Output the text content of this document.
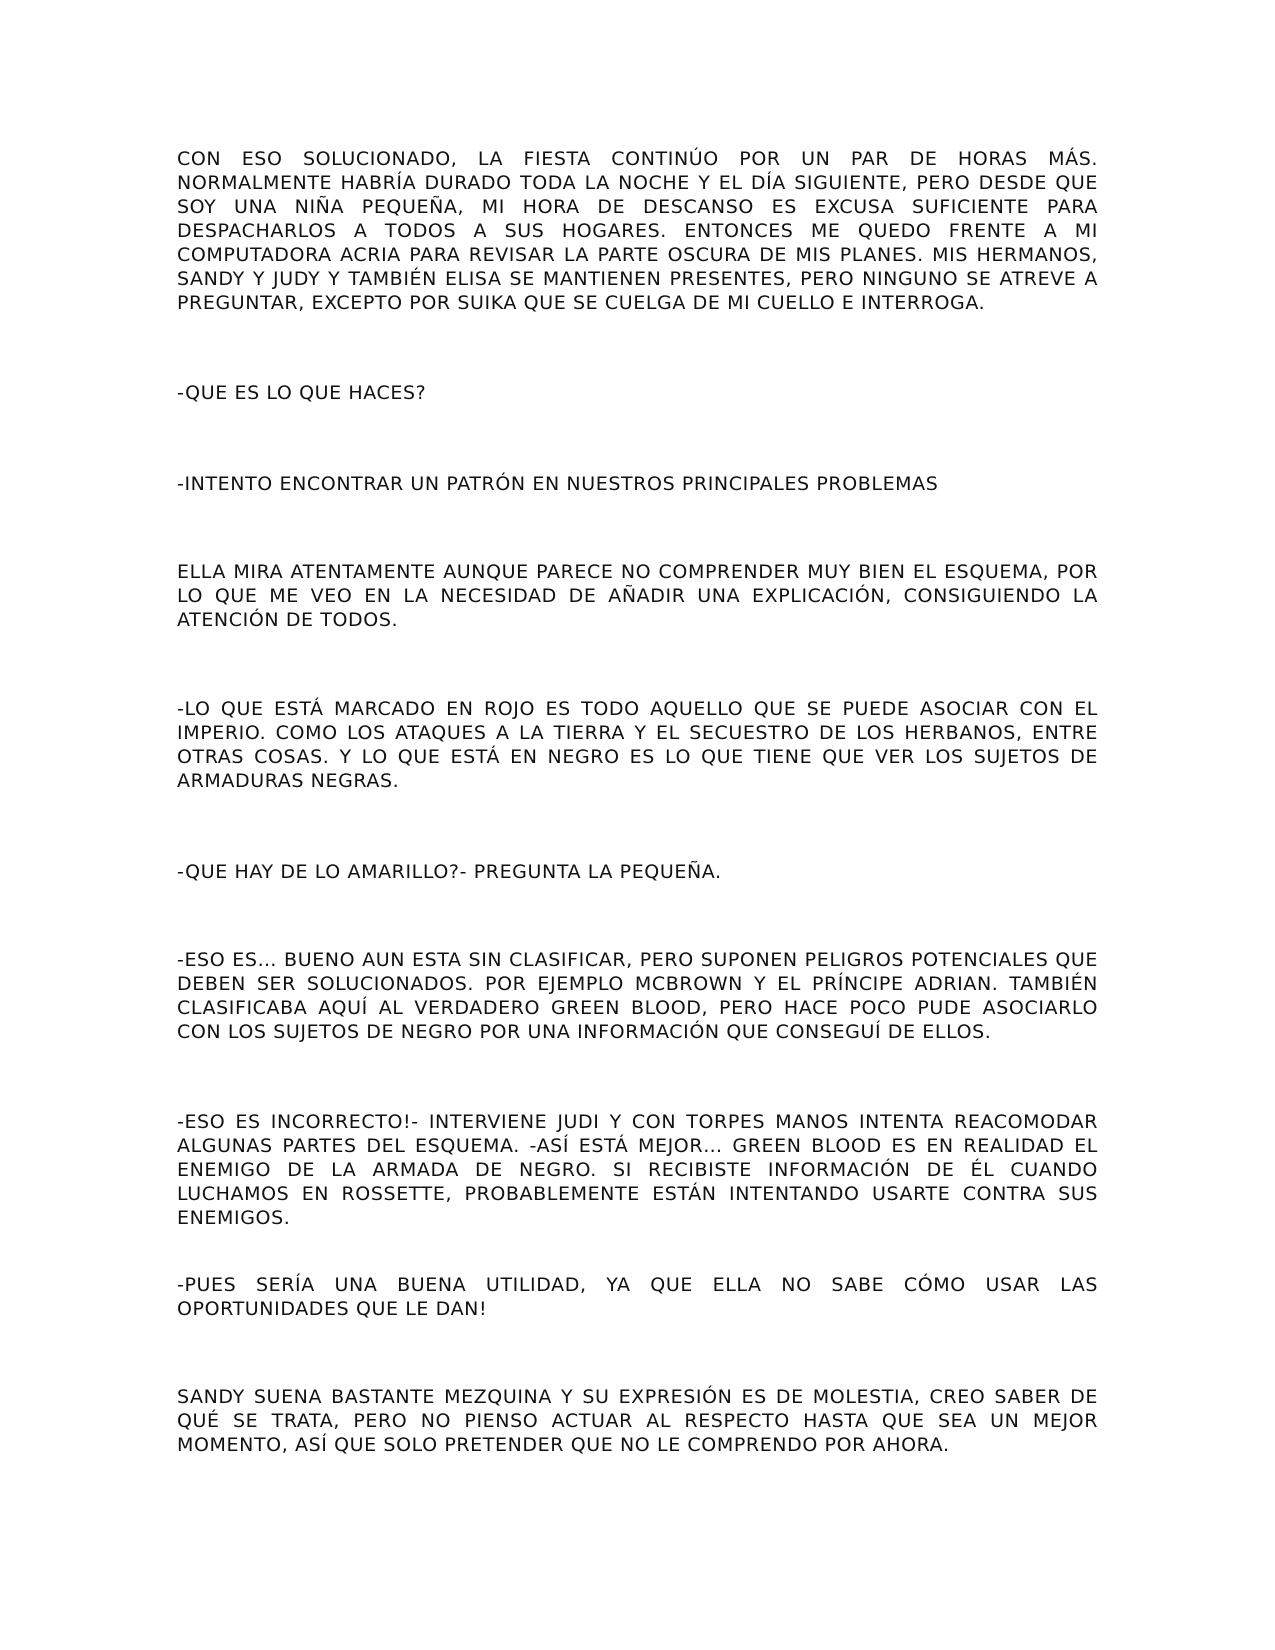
CON ESO SOLUCIONADO, LA FIESTA CONTINÚO POR UN PAR DE HORAS MÁS. NORMALMENTE HABRÍA DURADO TODA LA NOCHE Y EL DÍA SIGUIENTE, PERO DESDE QUE SOY UNA NIÑA PEQUEÑA, MI HORA DE DESCANSO ES EXCUSA SUFICIENTE PARA DESPACHARLOS A TODOS A SUS HOGARES. ENTONCES ME QUEDO FRENTE A MI COMPUTADORA ACRIA PARA REVISAR LA PARTE OSCURA DE MIS PLANES. MIS HERMANOS, SANDY Y JUDY Y TAMBIÉN ELISA SE MANTIENEN PRESENTES, PERO NINGUNO SE ATREVE A PREGUNTAR, EXCEPTO POR SUIKA QUE SE CUELGA DE MI CUELLO E INTERROGA.

-QUE ES LO QUE HACES?

-INTENTO ENCONTRAR UN PATRÓN EN NUESTROS PRINCIPALES PROBLEMAS

ELLA MIRA ATENTAMENTE AUNQUE PARECE NO COMPRENDER MUY BIEN EL ESQUEMA, POR LO QUE ME VEO EN LA NECESIDAD DE AÑADIR UNA EXPLICACIÓN, CONSIGUIENDO LA ATENCIÓN DE TODOS.

-LO QUE ESTÁ MARCADO EN ROJO ES TODO AQUELLO QUE SE PUEDE ASOCIAR CON EL IMPERIO. COMO LOS ATAQUES A LA TIERRA Y EL SECUESTRO DE LOS HERBANOS, ENTRE OTRAS COSAS. Y LO QUE ESTÁ EN NEGRO ES LO QUE TIENE QUE VER LOS SUJETOS DE ARMADURAS NEGRAS.

-QUE HAY DE LO AMARILLO?- PREGUNTA LA PEQUEÑA.

-ESO ES… BUENO AUN ESTA SIN CLASIFICAR, PERO SUPONEN PELIGROS POTENCIALES QUE DEBEN SER SOLUCIONADOS. POR EJEMPLO MCBROWN Y EL PRÍNCIPE ADRIAN. TAMBIÉN CLASIFICABA AQUÍ AL VERDADERO GREEN BLOOD, PERO HACE POCO PUDE ASOCIARLO CON LOS SUJETOS DE NEGRO POR UNA INFORMACIÓN QUE CONSEGUÍ DE ELLOS.

-ESO ES INCORRECTO!- INTERVIENE JUDI Y CON TORPES MANOS INTENTA REACOMODAR ALGUNAS PARTES DEL ESQUEMA. -ASÍ ESTÁ MEJOR… GREEN BLOOD ES EN REALIDAD EL ENEMIGO DE LA ARMADA DE NEGRO. SI RECIBISTE INFORMACIÓN DE ÉL CUANDO LUCHAMOS EN ROSSETTE, PROBABLEMENTE ESTÁN INTENTANDO USARTE CONTRA SUS ENEMIGOS.

-PUES SERÍA UNA BUENA UTILIDAD, YA QUE ELLA NO SABE CÓMO USAR LAS OPORTUNIDADES QUE LE DAN!

SANDY SUENA BASTANTE MEZQUINA Y SU EXPRESIÓN ES DE MOLESTIA, CREO SABER DE QUÉ SE TRATA, PERO NO PIENSO ACTUAR AL RESPECTO HASTA QUE SEA UN MEJOR MOMENTO, ASÍ QUE SOLO PRETENDER QUE NO LE COMPRENDO POR AHORA.
